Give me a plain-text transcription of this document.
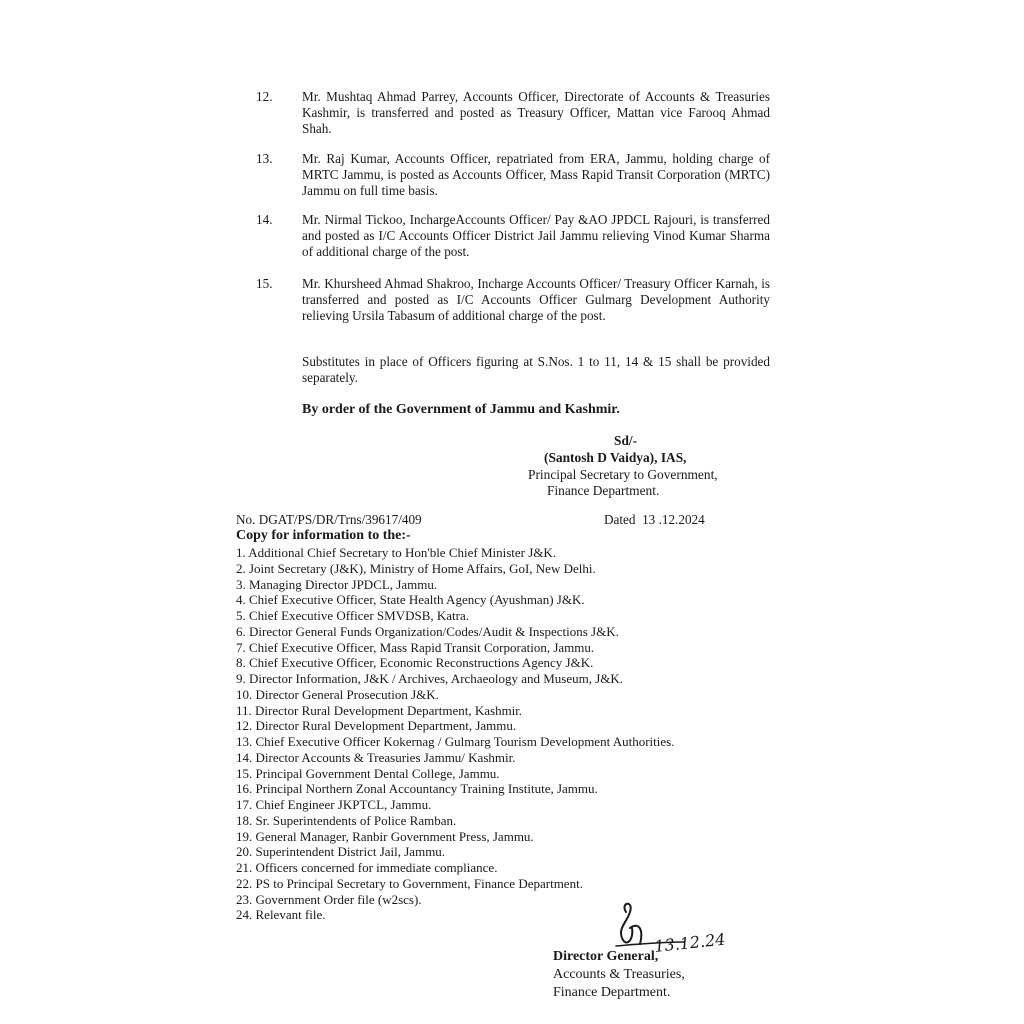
12.	Mr. Mushtaq Ahmad Parrey, Accounts Officer, Directorate of Accounts & Treasuries Kashmir, is transferred and posted as Treasury Officer, Mattan vice Farooq Ahmad Shah.
13.	Mr. Raj Kumar, Accounts Officer, repatriated from ERA, Jammu, holding charge of MRTC Jammu, is posted as Accounts Officer, Mass Rapid Transit Corporation (MRTC) Jammu on full time basis.
14.	Mr. Nirmal Tickoo, InchargeAccounts Officer/ Pay &AO JPDCL Rajouri, is transferred and posted as I/C Accounts Officer District Jail Jammu relieving Vinod Kumar Sharma of additional charge of the post.
15.	Mr. Khursheed Ahmad Shakroo, Incharge Accounts Officer/ Treasury Officer Karnah, is transferred and posted as I/C Accounts Officer Gulmarg Development Authority relieving Ursila Tabasum of additional charge of the post.
Substitutes in place of Officers figuring at S.Nos. 1 to 11, 14 & 15 shall be provided separately.
By order of the Government of Jammu and Kashmir.
Sd/-
(Santosh D Vaidya), IAS,
Principal Secretary to Government,
Finance Department.
No. DGAT/PS/DR/Trns/39617/409	Dated  13 .12.2024
Copy for information to the:-
1. Additional Chief Secretary to Hon'ble Chief Minister J&K.
2. Joint Secretary (J&K), Ministry of Home Affairs, GoI, New Delhi.
3. Managing Director JPDCL, Jammu.
4. Chief Executive Officer, State Health Agency (Ayushman) J&K.
5. Chief Executive Officer SMVDSB, Katra.
6. Director General Funds Organization/Codes/Audit & Inspections J&K.
7. Chief Executive Officer, Mass Rapid Transit Corporation, Jammu.
8. Chief Executive Officer, Economic Reconstructions Agency J&K.
9. Director Information, J&K / Archives, Archaeology and Museum, J&K.
10. Director General Prosecution J&K.
11. Director Rural Development Department, Kashmir.
12. Director Rural Development Department, Jammu.
13. Chief Executive Officer Kokernag / Gulmarg Tourism Development Authorities.
14. Director Accounts & Treasuries Jammu/ Kashmir.
15. Principal Government Dental College, Jammu.
16. Principal Northern Zonal Accountancy Training Institute, Jammu.
17. Chief Engineer JKPTCL, Jammu.
18. Sr. Superintendents of Police Ramban.
19. General Manager, Ranbir Government Press, Jammu.
20. Superintendent District Jail, Jammu.
21. Officers concerned for immediate compliance.
22. PS to Principal Secretary to Government, Finance Department.
23. Government Order file (w2scs).
24. Relevant file.
13.12.24
Director General,
Accounts & Treasuries,
Finance Department.
